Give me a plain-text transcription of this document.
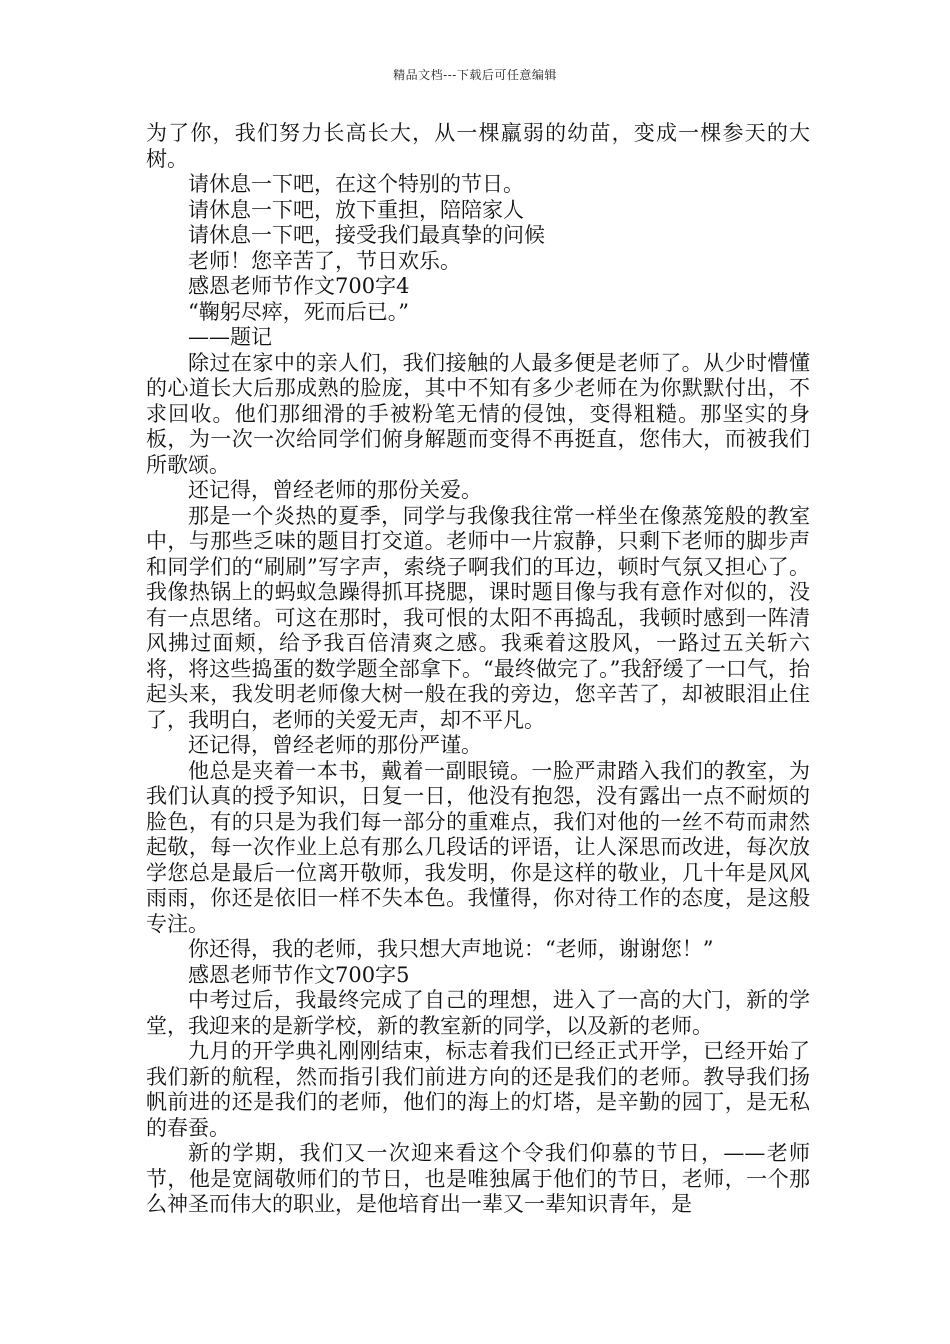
精品文档---下载后可任意编辑

为了你，我们努力长高长大，从一棵羸弱的幼苗，变成一棵参天的大树。

请休息一下吧，在这个特别的节日。

请休息一下吧，放下重担，陪陪家人

请休息一下吧，接受我们最真挚的问候

老师！您辛苦了，节日欢乐。

感恩老师节作文700字4

“鞠躬尽瘁，死而后已。”

——题记

除过在家中的亲人们，我们接触的人最多便是老师了。从少时懵懂的心道长大后那成熟的脸庞，其中不知有多少老师在为你默默付出，不求回收。他们那细滑的手被粉笔无情的侵蚀，变得粗糙。那坚实的身板，为一次一次给同学们俯身解题而变得不再挺直，您伟大，而被我们所歌颂。

还记得，曾经老师的那份关爱。

那是一个炎热的夏季，同学与我像我往常一样坐在像蒸笼般的教室中，与那些乏味的题目打交道。老师中一片寂静，只剩下老师的脚步声和同学们的“刷刷”写字声，索绕子啊我们的耳边，顿时气氛又担心了。我像热锅上的蚂蚁急躁得抓耳挠腮，课时题目像与我有意作对似的，没有一点思绪。可这在那时，我可恨的太阳不再捣乱，我顿时感到一阵清风拂过面颊，给予我百倍清爽之感。我乘着这股风，一路过五关斩六将，将这些捣蛋的数学题全部拿下。“最终做完了。”我舒缓了一口气，抬起头来，我发明老师像大树一般在我的旁边，您辛苦了，却被眼泪止住了，我明白，老师的关爱无声，却不平凡。

还记得，曾经老师的那份严谨。

他总是夹着一本书，戴着一副眼镜。一脸严肃踏入我们的教室，为我们认真的授予知识，日复一日，他没有抱怨，没有露出一点不耐烦的脸色，有的只是为我们每一部分的重难点，我们对他的一丝不苟而肃然起敬，每一次作业上总有那么几段话的评语，让人深思而改进，每次放学您总是最后一位离开敬师，我发明，你是这样的敬业，几十年是风风雨雨，你还是依旧一样不失本色。我懂得，你对待工作的态度，是这般专注。

你还得，我的老师，我只想大声地说：“老师，谢谢您！”

感恩老师节作文700字5

中考过后，我最终完成了自己的理想，进入了一高的大门，新的学堂，我迎来的是新学校，新的教室新的同学，以及新的老师。

九月的开学典礼刚刚结束，标志着我们已经正式开学，已经开始了我们新的航程，然而指引我们前进方向的还是我们的老师。教导我们扬帆前进的还是我们的老师，他们的海上的灯塔，是辛勤的园丁，是无私的春蚕。

新的学期，我们又一次迎来看这个令我们仰慕的节日，——老师节，他是宽阔敬师们的节日，也是唯独属于他们的节日，老师，一个那么神圣而伟大的职业，是他培育出一辈又一辈知识青年，是
